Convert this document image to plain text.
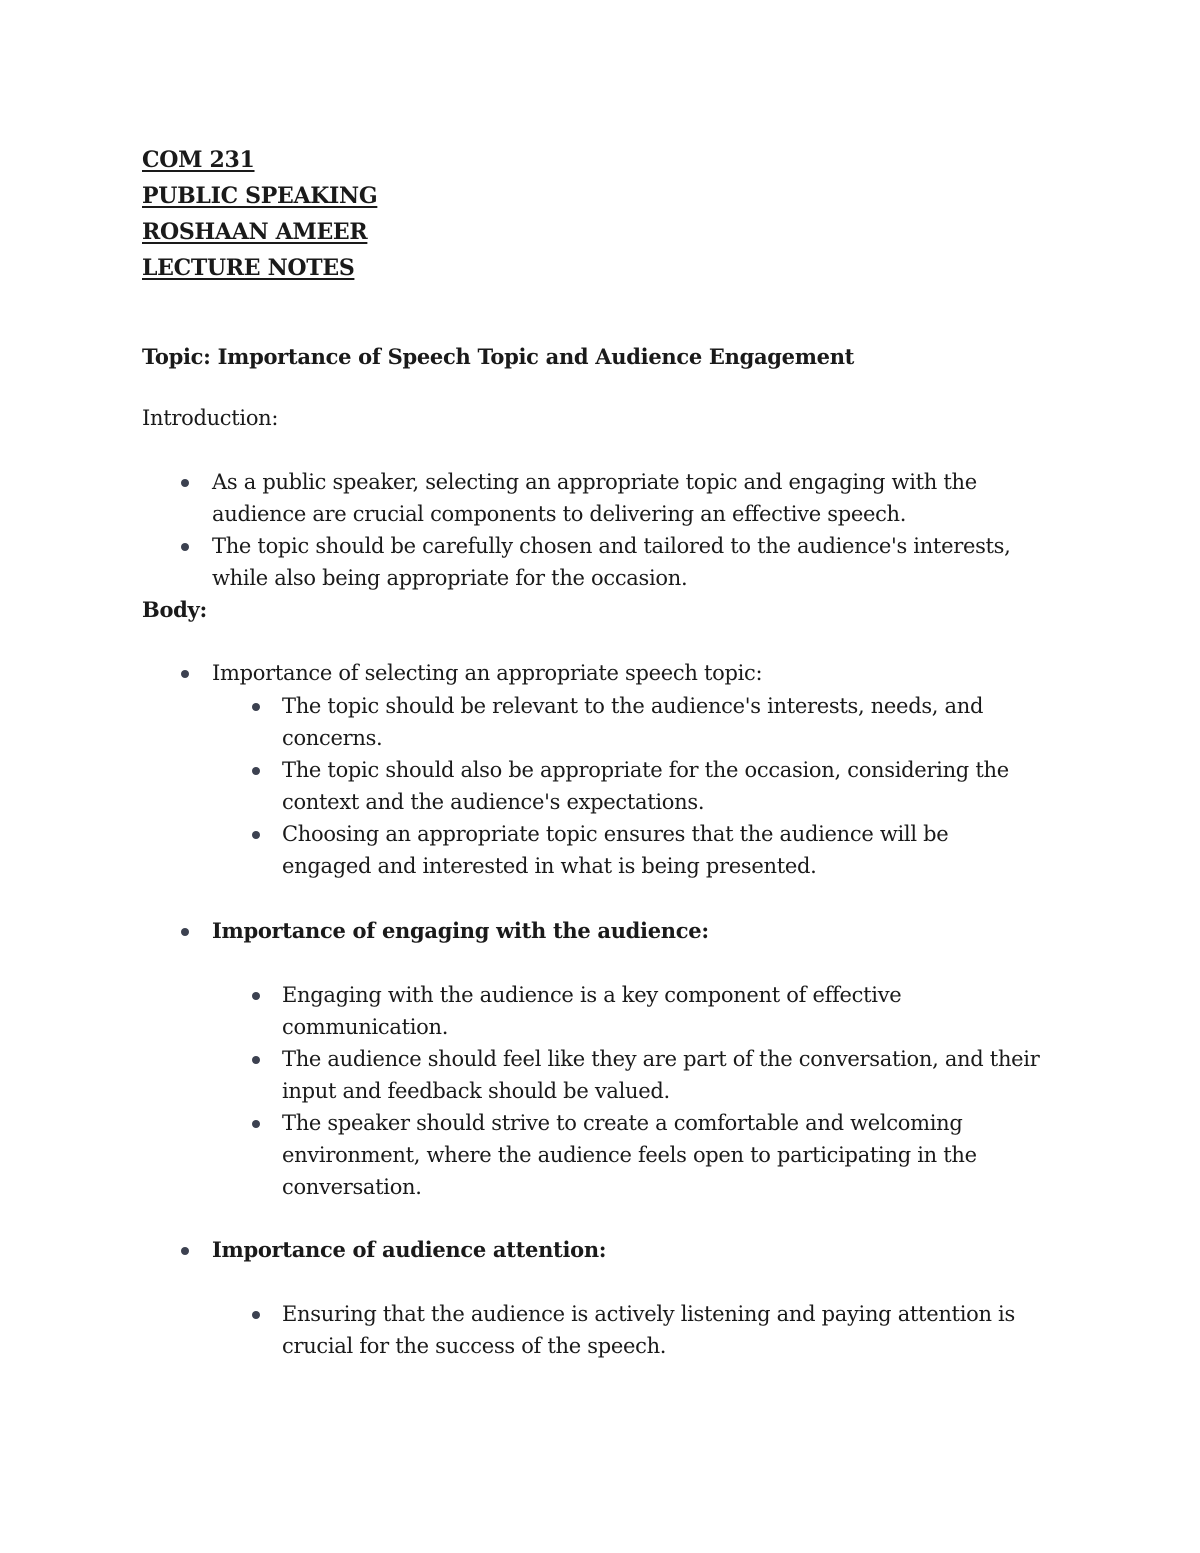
COM 231
PUBLIC SPEAKING
ROSHAAN AMEER
LECTURE NOTES
Topic: Importance of Speech Topic and Audience Engagement
Introduction:
As a public speaker, selecting an appropriate topic and engaging with the audience are crucial components to delivering an effective speech.
The topic should be carefully chosen and tailored to the audience's interests, while also being appropriate for the occasion.
Body:
Importance of selecting an appropriate speech topic:
The topic should be relevant to the audience's interests, needs, and concerns.
The topic should also be appropriate for the occasion, considering the context and the audience's expectations.
Choosing an appropriate topic ensures that the audience will be engaged and interested in what is being presented.
Importance of engaging with the audience:
Engaging with the audience is a key component of effective communication.
The audience should feel like they are part of the conversation, and their input and feedback should be valued.
The speaker should strive to create a comfortable and welcoming environment, where the audience feels open to participating in the conversation.
Importance of audience attention:
Ensuring that the audience is actively listening and paying attention is crucial for the success of the speech.
